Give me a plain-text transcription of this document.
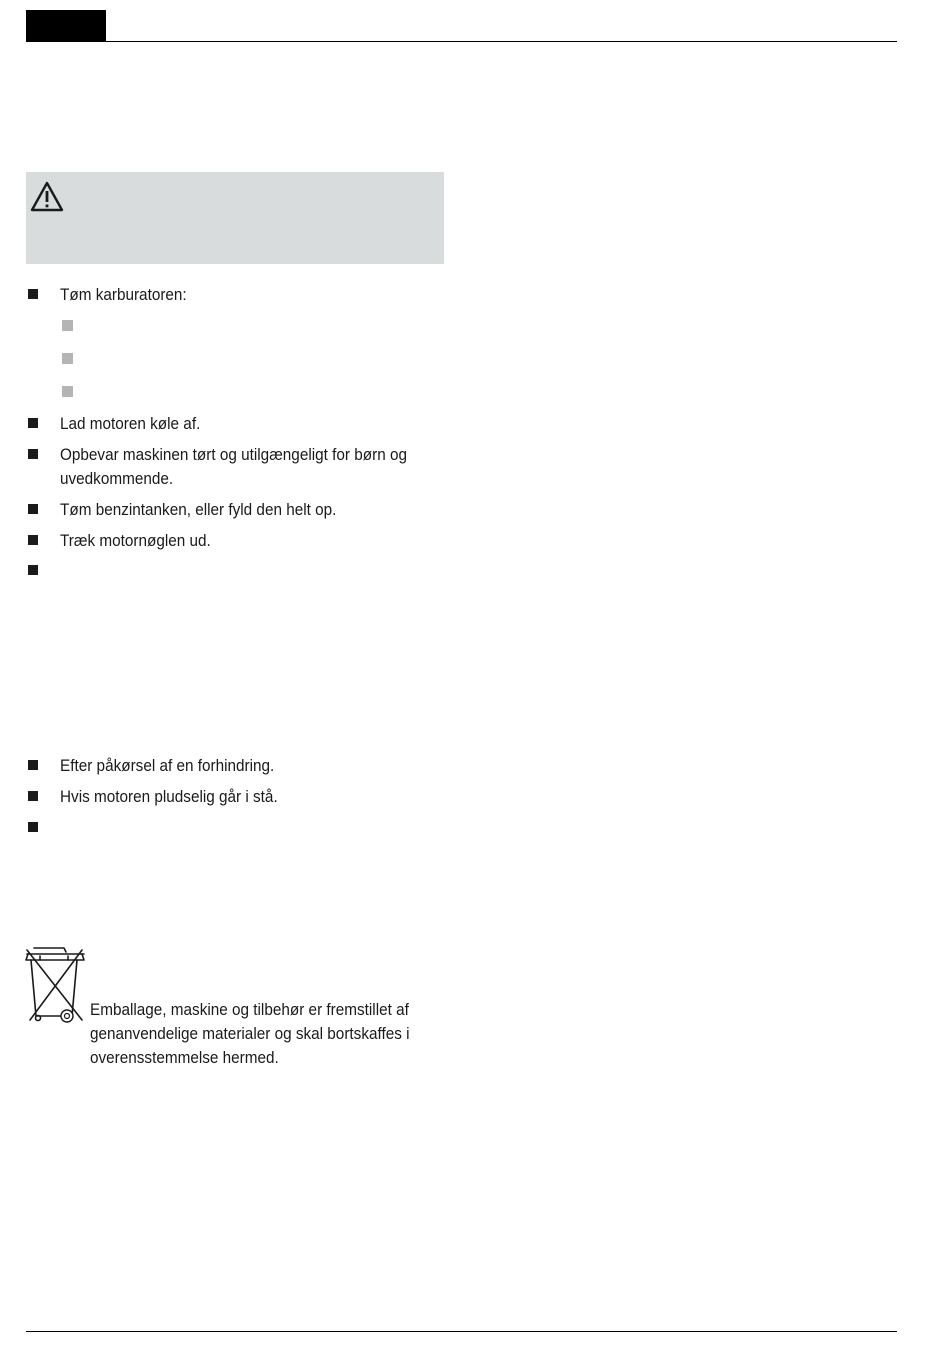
Tøm karburatoren:
Lad motoren køle af.
Opbevar maskinen tørt og utilgængeligt for børn og
uvedkommende.
Tøm benzintanken, eller fyld den helt op.
Træk motornøglen ud.
Efter påkørsel af en forhindring.
Hvis motoren pludselig går i stå.
Emballage, maskine og tilbehør er fremstillet af
genanvendelige materialer og skal bortskaffes i
overensstemmelse hermed.
